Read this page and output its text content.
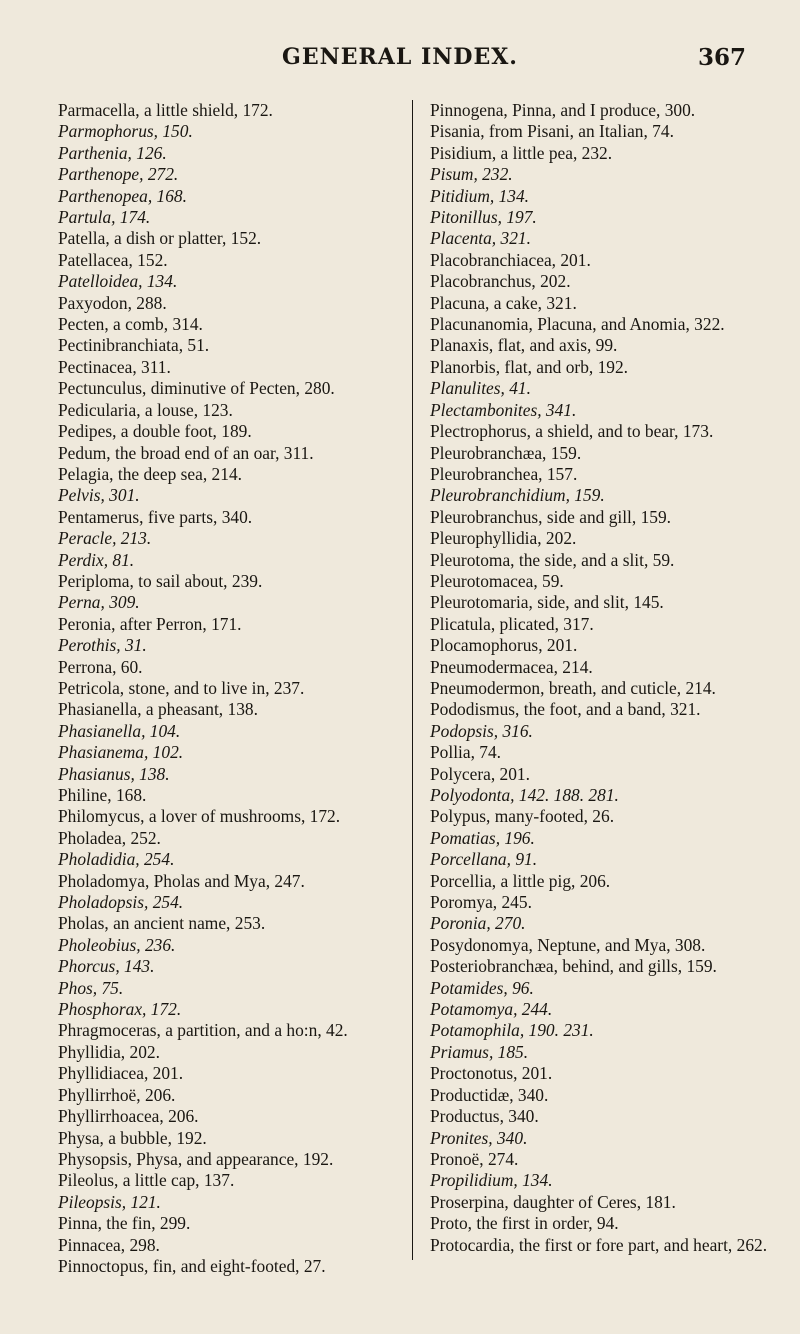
GENERAL INDEX.	367
Parmacella, a little shield, 172.
Parmophorus, 150.
Parthenia, 126.
Parthenope, 272.
Parthenopea, 168.
Partula, 174.
Patella, a dish or platter, 152.
Patellacea, 152.
Patelloidea, 134.
Paxyodon, 288.
Pecten, a comb, 314.
Pectinibranchiata, 51.
Pectinacea, 311.
Pectunculus, diminutive of Pecten, 280.
Pedicularia, a louse, 123.
Pedipes, a double foot, 189.
Pedum, the broad end of an oar, 311.
Pelagia, the deep sea, 214.
Pelvis, 301.
Pentamerus, five parts, 340.
Peracle, 213.
Perdix, 81.
Periploma, to sail about, 239.
Perna, 309.
Peronia, after Perron, 171.
Perothis, 31.
Perrona, 60.
Petricola, stone, and to live in, 237.
Phasianella, a pheasant, 138.
Phasianella, 104.
Phasianema, 102.
Phasianus, 138.
Philine, 168.
Philomycus, a lover of mushrooms, 172.
Pholadea, 252.
Pholadidia, 254.
Pholadomya, Pholas and Mya, 247.
Pholadopsis, 254.
Pholas, an ancient name, 253.
Pholeobius, 236.
Phorcus, 143.
Phos, 75.
Phosphorax, 172.
Phragmoceras, a partition, and a ho:n, 42.
Phyllidia, 202.
Phyllidiacea, 201.
Phyllirrhoë, 206.
Phyllirrhoacea, 206.
Physa, a bubble, 192.
Physopsis, Physa, and appearance, 192.
Pileolus, a little cap, 137.
Pileopsis, 121.
Pinna, the fin, 299.
Pinnacea, 298.
Pinnoctopus, fin, and eight-footed, 27.
Pinnogena, Pinna, and I produce, 300.
Pisania, from Pisani, an Italian, 74.
Pisidium, a little pea, 232.
Pisum, 232.
Pitidium, 134.
Pitonillus, 197.
Placenta, 321.
Placobranchiacea, 201.
Placobranchus, 202.
Placuna, a cake, 321.
Placunanomia, Placuna, and Anomia, 322.
Planaxis, flat, and axis, 99.
Planorbis, flat, and orb, 192.
Planulites, 41.
Plectambonites, 341.
Plectrophorus, a shield, and to bear, 173.
Pleurobranchæa, 159.
Pleurobranchea, 157.
Pleurobranchidium, 159.
Pleurobranchus, side and gill, 159.
Pleurophyllidia, 202.
Pleurotoma, the side, and a slit, 59.
Pleurotomacea, 59.
Pleurotomaria, side, and slit, 145.
Plicatula, plicated, 317.
Plocamophorus, 201.
Pneumodermacea, 214.
Pneumodermon, breath, and cuticle, 214.
Pododismus, the foot, and a band, 321.
Podopsis, 316.
Pollia, 74.
Polycera, 201.
Polyodonta, 142. 188. 281.
Polypus, many-footed, 26.
Pomatias, 196.
Porcellana, 91.
Porcellia, a little pig, 206.
Poromya, 245.
Poronia, 270.
Posydonomya, Neptune, and Mya, 308.
Posteriobranchæa, behind, and gills, 159.
Potamides, 96.
Potamomya, 244.
Potamophila, 190. 231.
Priamus, 185.
Proctonotus, 201.
Productidæ, 340.
Productus, 340.
Pronites, 340.
Pronoë, 274.
Propilidium, 134.
Proserpina, daughter of Ceres, 181.
Proto, the first in order, 94.
Protocardia, the first or fore part, and heart, 262.
